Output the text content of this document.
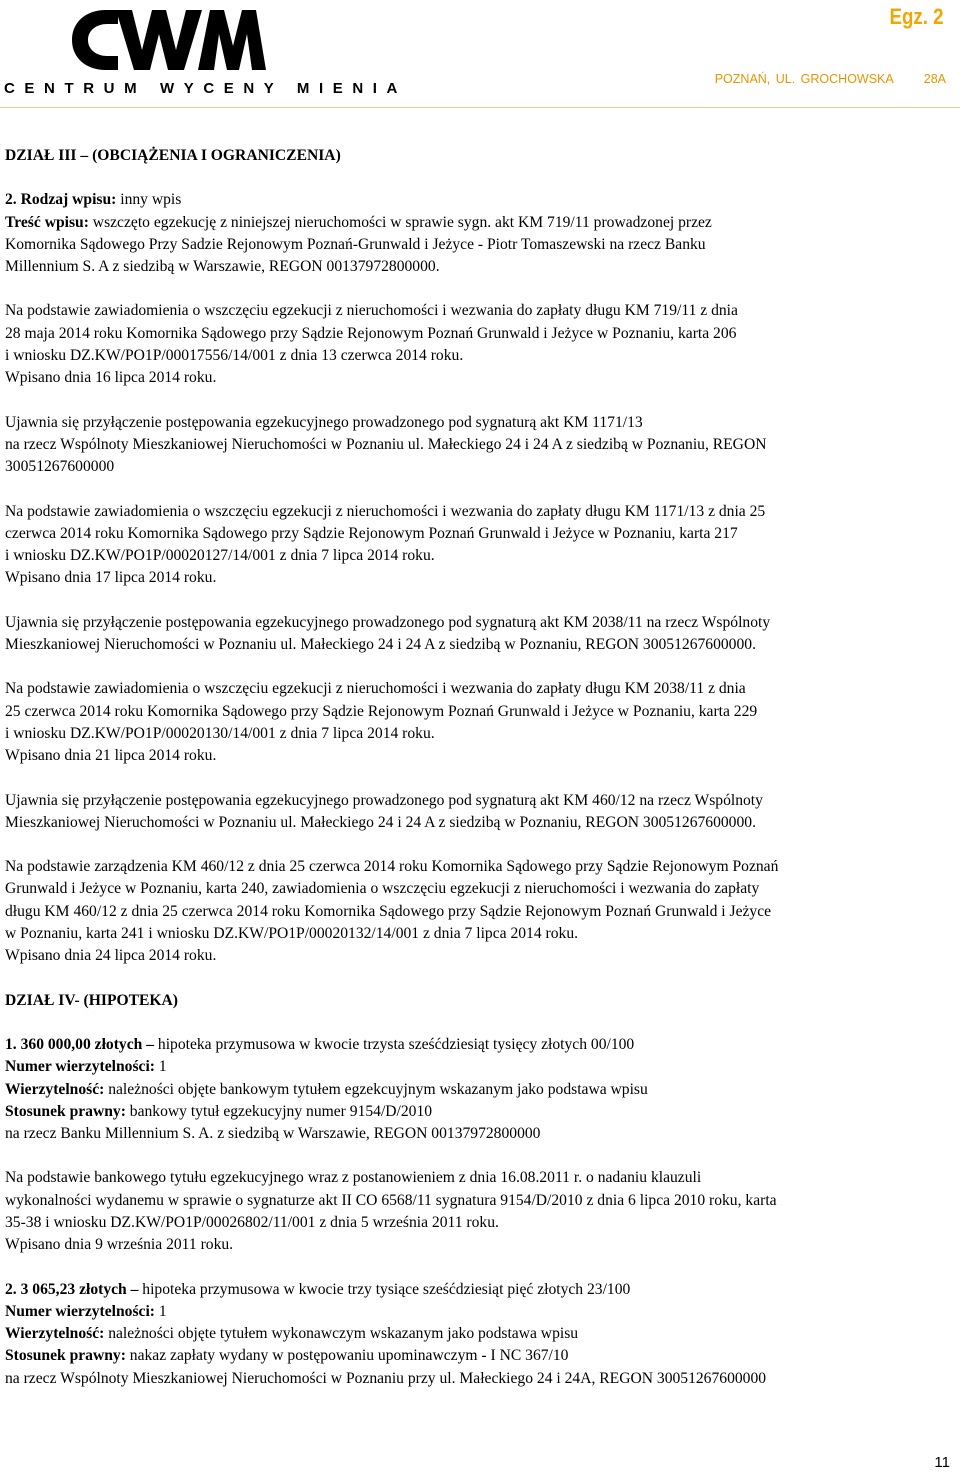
CENTRUM WYCENY MIENIA
Egz. 2
POZNAŃ, UL. GROCHOWSKA 28A

DZIAŁ III – (OBCIĄŻENIA I OGRANICZENIA)

2. Rodzaj wpisu: inny wpis
Treść wpisu: wszczęto egzekucję z niniejszej nieruchomości w sprawie sygn. akt KM 719/11 prowadzonej przez
Komornika Sądowego Przy Sadzie Rejonowym Poznań-Grunwald i Jeżyce - Piotr Tomaszewski na rzecz Banku
Millennium S. A z siedzibą w Warszawie, REGON 00137972800000.

Na podstawie zawiadomienia o wszczęciu egzekucji z nieruchomości i wezwania do zapłaty długu KM 719/11 z dnia
28 maja 2014 roku Komornika Sądowego przy Sądzie Rejonowym Poznań Grunwald i Jeżyce w Poznaniu, karta 206
i wniosku DZ.KW/PO1P/00017556/14/001 z dnia 13 czerwca 2014 roku.
Wpisano dnia 16 lipca 2014 roku.

Ujawnia się przyłączenie postępowania egzekucyjnego prowadzonego pod sygnaturą akt KM 1171/13
na rzecz Wspólnoty Mieszkaniowej Nieruchomości w Poznaniu ul. Małeckiego 24 i 24 A z siedzibą w Poznaniu, REGON
30051267600000

Na podstawie zawiadomienia o wszczęciu egzekucji z nieruchomości i wezwania do zapłaty długu KM 1171/13 z dnia 25
czerwca 2014 roku Komornika Sądowego przy Sądzie Rejonowym Poznań Grunwald i Jeżyce w Poznaniu, karta 217
i wniosku DZ.KW/PO1P/00020127/14/001 z dnia 7 lipca 2014 roku.
Wpisano dnia 17 lipca 2014 roku.

Ujawnia się przyłączenie postępowania egzekucyjnego prowadzonego pod sygnaturą akt KM 2038/11 na rzecz Wspólnoty
Mieszkaniowej Nieruchomości w Poznaniu ul. Małeckiego 24 i 24 A z siedzibą w Poznaniu, REGON 30051267600000.

Na podstawie zawiadomienia o wszczęciu egzekucji z nieruchomości i wezwania do zapłaty długu KM 2038/11 z dnia
25 czerwca 2014 roku Komornika Sądowego przy Sądzie Rejonowym Poznań Grunwald i Jeżyce w Poznaniu, karta 229
i wniosku DZ.KW/PO1P/00020130/14/001 z dnia 7 lipca 2014 roku.
Wpisano dnia 21 lipca 2014 roku.

Ujawnia się przyłączenie postępowania egzekucyjnego prowadzonego pod sygnaturą akt KM 460/12 na rzecz Wspólnoty
Mieszkaniowej Nieruchomości w Poznaniu ul. Małeckiego 24 i 24 A z siedzibą w Poznaniu, REGON 30051267600000.

Na podstawie zarządzenia KM 460/12 z dnia 25 czerwca 2014 roku Komornika Sądowego przy Sądzie Rejonowym Poznań
Grunwald i Jeżyce w Poznaniu, karta 240, zawiadomienia o wszczęciu egzekucji z nieruchomości i wezwania do zapłaty
długu KM 460/12 z dnia 25 czerwca 2014 roku Komornika Sądowego przy Sądzie Rejonowym Poznań Grunwald i Jeżyce
w Poznaniu, karta 241 i wniosku DZ.KW/PO1P/00020132/14/001 z dnia 7 lipca 2014 roku.
Wpisano dnia 24 lipca 2014 roku.

DZIAŁ IV- (HIPOTEKA)

1. 360 000,00 złotych – hipoteka przymusowa w kwocie trzysta sześćdziesiąt tysięcy złotych 00/100
Numer wierzytelności: 1
Wierzytelność: należności objęte bankowym tytułem egzekcuyjnym wskazanym jako podstawa wpisu
Stosunek prawny: bankowy tytuł egzekucyjny numer 9154/D/2010
na rzecz Banku Millennium S. A. z siedzibą w Warszawie, REGON 00137972800000

Na podstawie bankowego tytułu egzekucyjnego wraz z postanowieniem z dnia 16.08.2011 r. o nadaniu klauzuli
wykonalności wydanemu w sprawie o sygnaturze akt II CO 6568/11 sygnatura 9154/D/2010 z dnia 6 lipca 2010 roku, karta
35-38 i wniosku DZ.KW/PO1P/00026802/11/001 z dnia 5 września 2011 roku.
Wpisano dnia 9 września 2011 roku.

2. 3 065,23 złotych – hipoteka przymusowa w kwocie trzy tysiące sześćdziesiąt pięć złotych 23/100
Numer wierzytelności: 1
Wierzytelność: należności objęte tytułem wykonawczym wskazanym jako podstawa wpisu
Stosunek prawny: nakaz zapłaty wydany w postępowaniu upominawczym - I NC 367/10
na rzecz Wspólnoty Mieszkaniowej Nieruchomości w Poznaniu przy ul. Małeckiego 24 i 24A, REGON 30051267600000

11
